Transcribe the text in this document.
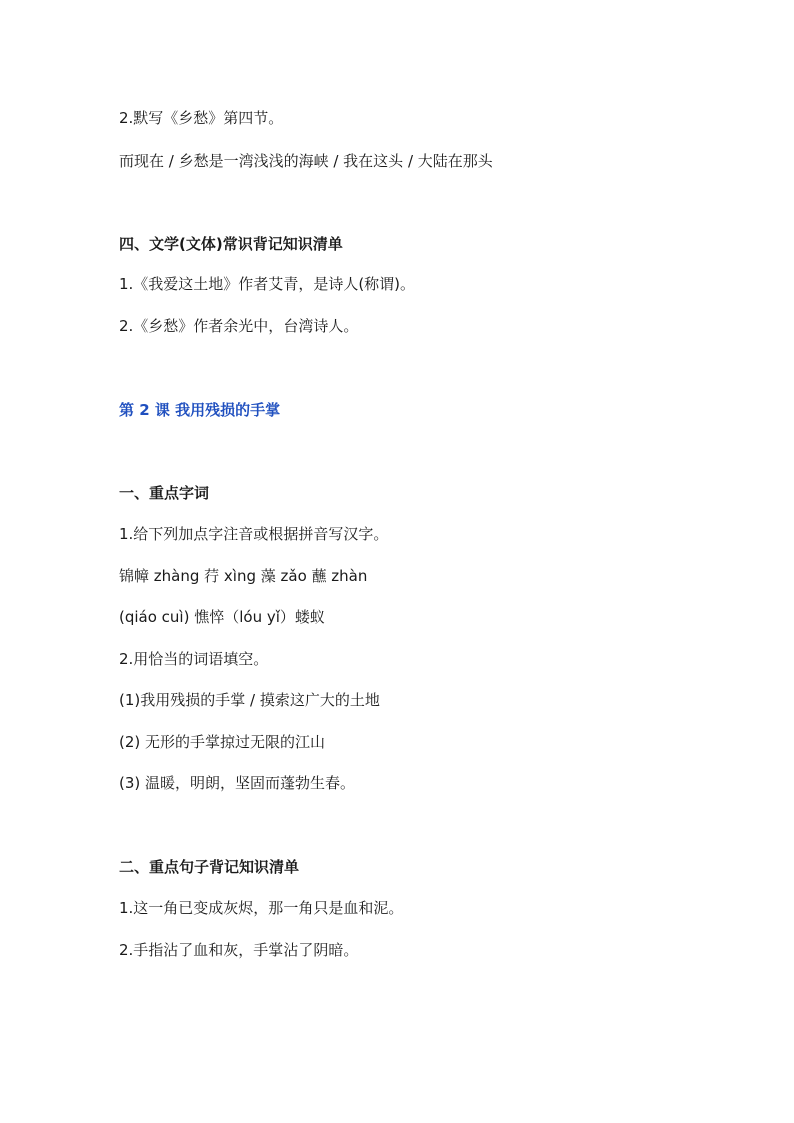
2.默写《乡愁》第四节。
而现在 / 乡愁是一湾浅浅的海峡 / 我在这头 / 大陆在那头
四、文学(文体)常识背记知识清单
1.《我爱这土地》作者艾青，是诗人(称谓)。
2.《乡愁》作者余光中，台湾诗人。
第 2 课 我用残损的手掌
一、重点字词
1.给下列加点字注音或根据拼音写汉字。
锦幛 zhàng 荇 xìng 藻 zǎo 蘸 zhàn
(qiáo cuì) 憔悴（lóu yǐ）蝼蚁
2.用恰当的词语填空。
(1)我用残损的手掌 / 摸索这广大的土地
(2) 无形的手掌掠过无限的江山
(3) 温暖，明朗，坚固而蓬勃生春。
二、重点句子背记知识清单
1.这一角已变成灰烬，那一角只是血和泥。
2.手指沾了血和灰，手掌沾了阴暗。
